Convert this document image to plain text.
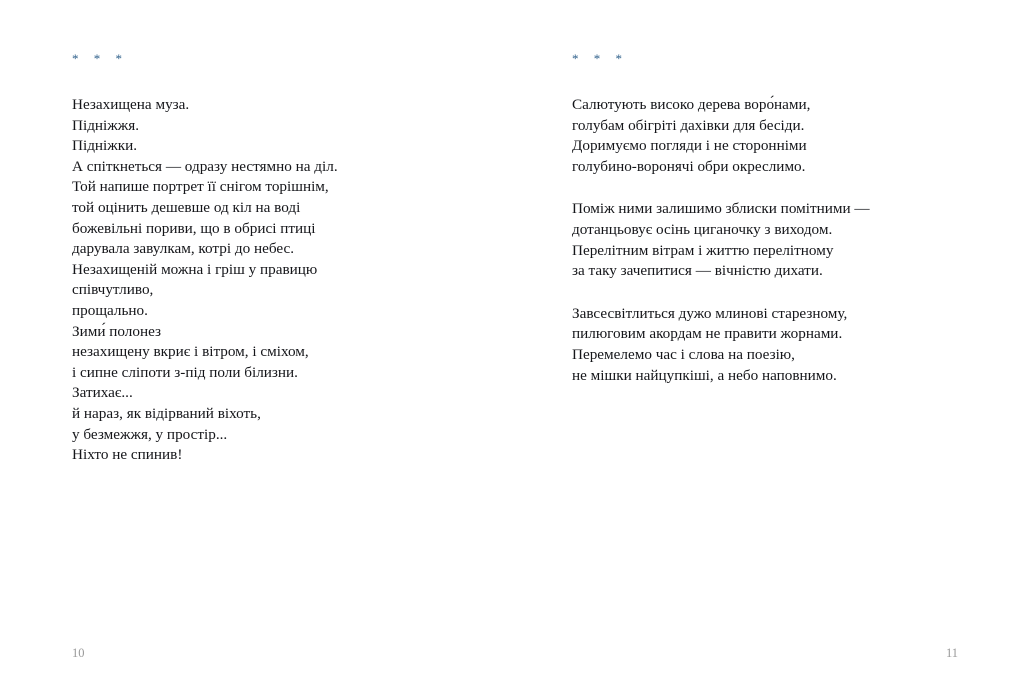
* * *
Незахищена муза.
Підніжжя.
Підніжки.
А спіткнеться — одразу нестямно на діл.
Той напише портрет її снігом торішнім,
той оцінить дешевше од кіл на воді
божевільні пориви, що в обрисі птиці
дарувала завулкам, котрі до небес.
Незахищеній можна і гріш у правицю
співчутливо,
прощально.
Зими́ полонез
незахищену вкриє і вітром, і сміхом,
і сипне сліпоти з-під поли білизни.
Затихає...
й нараз, як відірваний віхоть,
у безмежжя, у простір...
Ніхто не спинив!
10
* * *
Салютують високо дерева воро́нами,
голубам обігріті дахівки для бесіди.
Доримуємо погляди і не сторонніми
голубино-воронячі обри окреслимо.
Поміж ними залишимо зблиски помітними —
дотанцьовує осінь циганочку з виходом.
Перелітним вітрам і життю перелітному
за таку зачепитися — вічністю дихати.
Завсесвітлиться дужо млинові старезному,
пилюговим акордам не правити жорнами.
Перемелемо час і слова на поезію,
не мішки найцупкіші, а небо наповнимо.
11
